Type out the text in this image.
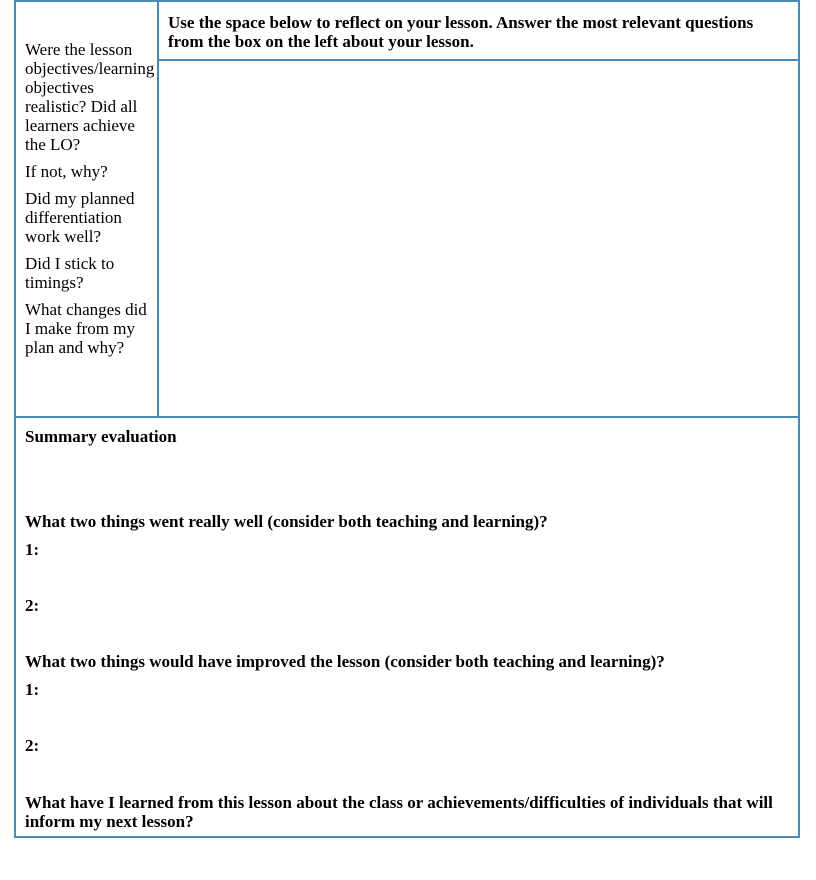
Use the space below to reflect on your lesson. Answer the most relevant questions from the box on the left about your lesson.

Were the lesson objectives/learning objectives realistic? Did all learners achieve the LO?

If not, why?

Did my planned differentiation work well?

Did I stick to timings?

What changes did I make from my plan and why?

Summary evaluation
What two things went really well (consider both teaching and learning)?
1:
2:
What two things would have improved the lesson (consider both teaching and learning)?
1:
2:
What have I learned from this lesson about the class or achievements/difficulties of individuals that will inform my next lesson?
